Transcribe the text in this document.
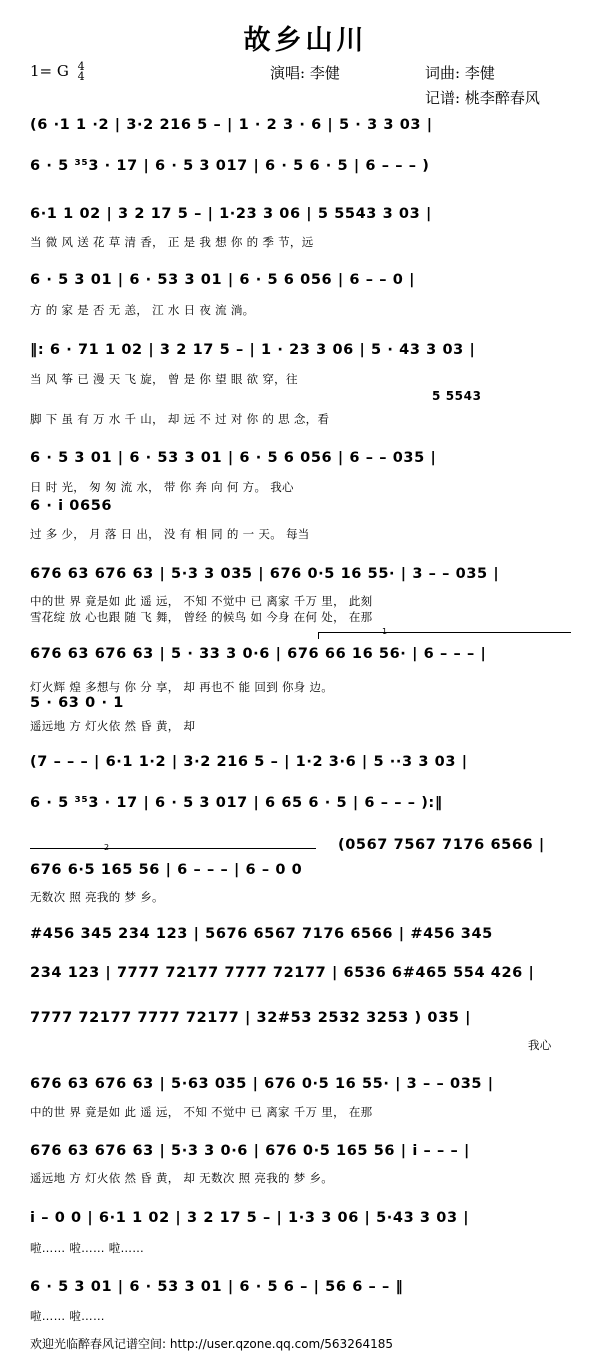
故乡山川
1= G 4
4	演唱: 李健	词曲: 李健
记谱: 桃李醉春风
(6 ·1 1 ·2 | 3·2 216 5 – | 1 · 2 3 · 6 | 5 · 3 3 03 |
6 · 5 ³⁵3 · 17 | 6 · 5 3 017 | 6 · 5 6 · 5 | 6 – – – )
6·1 1 02 | 3 2 17 5 – | 1·23 3 06 | 5 5543 3 03 |
当 微 风 送 花 草 清 香， 正 是 我 想 你 的 季 节，远
6 · 5 3 01 | 6 · 53 3 01 | 6 · 5 6 056 | 6 – – 0 |
方 的 家 是 否 无 恙， 江 水 日 夜 流 淌。
‖: 6 · 71 1 02 | 3 2 17 5 – | 1 · 23 3 06 | 5 · 43 3 03 |
当 风 筝 已 漫 天 飞 旋， 曾 是 你 望 眼 欲 穿，往
5 5543
脚 下 虽 有 万 水 千 山， 却 远 不 过 对 你 的 思 念，看
6 · 5 3 01 | 6 · 53 3 01 | 6 · 5 6 056 | 6 – – 035 |
日 时 光， 匆 匆 流 水， 带 你 奔 向 何 方。 我心
6 · i 0656
过 多 少， 月 落 日 出， 没 有 相 同 的 一 天。 每当
676 63 676 63 | 5·3 3 035 | 676 0·5 16 55· | 3 – – 035 |
中的世 界 竟是如 此 遥 远， 不知 不觉中 已 离家 千万 里， 此刻
雪花绽 放 心也跟 随 飞 舞， 曾经 的候鸟 如 今身 在何 处， 在那
676 63 676 63 | 5 · 33 3 0·6 | 676 66 16 56· | 6 – – – |
灯火辉 煌 多想与 你 分 享， 却 再也不 能 回到 你身 边。
5 · 63 0 · 1
遥远地 方 灯火依 然 昏 黄， 却
(7 – – – | 6·1 1·2 | 3·2 216 5 – | 1·2 3·6 | 5 ··3 3 03 |
6 · 5 ³⁵3 · 17 | 6 · 5 3 017 | 6 65 6 · 5 | 6 – – – ):‖
(0567 7567 7176 6566 |
676 6·5 165 56 | 6 – – – | 6 – 0 0
无数次 照 亮我的 梦 乡。
#456 345 234 123 | 5676 6567 7176 6566 | #456 345
234 123 | 7777 72177 7777 72177 | 6536 6#465 554 426 |
7777 72177 7777 72177 | 32#53 2532 3253 ) 035 |
我心
676 63 676 63 | 5·63 035 | 676 0·5 16 55· | 3 – – 035 |
中的世 界 竟是如 此 遥 远， 不知 不觉中 已 离家 千万 里， 在那
676 63 676 63 | 5·3 3 0·6 | 676 0·5 165 56 | i – – – |
遥远地 方 灯火依 然 昏 黄， 却 无数次 照 亮我的 梦 乡。
i – 0 0 | 6·1 1 02 | 3 2 17 5 – | 1·3 3 06 | 5·43 3 03 |
啦…… 啦…… 啦……
6 · 5 3 01 | 6 · 53 3 01 | 6 · 5 6 – | 56 6 – – ‖
啦…… 啦……
1
2
欢迎光临醉春风记谱空间: http://user.qzone.qq.com/563264185
